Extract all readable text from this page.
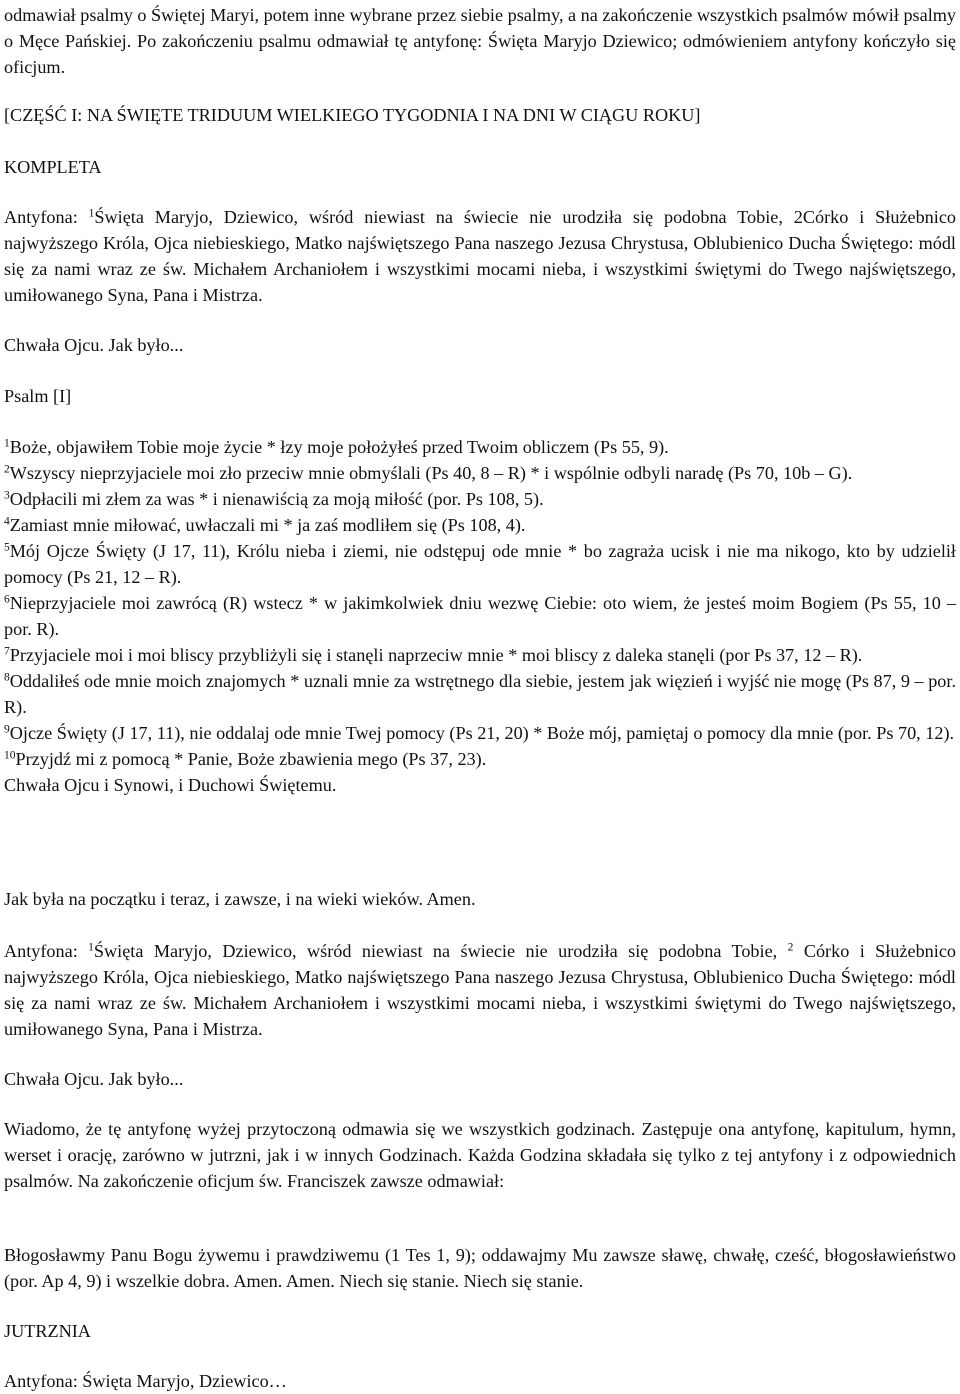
odmawiał psalmy o Świętej Maryi, potem inne wybrane przez siebie psalmy, a na zakończenie wszystkich psalmów mówił psalmy o Męce Pańskiej. Po zakończeniu psalmu odmawiał tę antyfonę: Święta Maryjo Dziewico; odmówieniem antyfony kończyło się oficjum.

[CZĘŚĆ I: NA ŚWIĘTE TRIDUUM WIELKIEGO TYGODNIA I NA DNI W CIĄGU ROKU]

KOMPLETA

Antyfona: $^1$Święta Maryjo, Dziewico, wśród niewiast na świecie nie urodziła się podobna Tobie, 2Córko i Służebnico najwyższego Króla, Ojca niebieskiego, Matko najświętszego Pana naszego Jezusa Chrystusa, Oblubienico Ducha Świętego: módl się za nami wraz ze św. Michałem Archaniołem i wszystkimi mocami nieba, i wszystkimi świętymi do Twego najświętszego, umiłowanego Syna, Pana i Mistrza.

Chwała Ojcu. Jak było...

Psalm [I]

$^1$Boże, objawiłem Tobie moje życie * łzy moje położyłeś przed Twoim obliczem (Ps 55, 9).
$^2$Wszyscy nieprzyjaciele moi zło przeciw mnie obmyślali (Ps 40, 8 – R) * i wspólnie odbyli naradę (Ps 70, 10b – G).
$^3$Odpłacili mi złem za was * i nienawiścią za moją miłość (por. Ps 108, 5).
$^4$Zamiast mnie miłować, uwłaczali mi * ja zaś modliłem się (Ps 108, 4).
$^5$Mój Ojcze Święty (J 17, 11), Królu nieba i ziemi, nie odstępuj ode mnie * bo zagraża ucisk i nie ma nikogo, kto by udzielił pomocy (Ps 21, 12 – R).
$^6$Nieprzyjaciele moi zawrócą (R) wstecz * w jakimkolwiek dniu wezwę Ciebie: oto wiem, że jesteś moim Bogiem (Ps 55, 10 – por. R).
$^7$Przyjaciele moi i moi bliscy przybliżyli się i stanęli naprzeciw mnie * moi bliscy z daleka stanęli (por Ps 37, 12 – R).
$^8$Oddaliłeś ode mnie moich znajomych * uznali mnie za wstrętnego dla siebie, jestem jak więzień i wyjść nie mogę (Ps 87, 9 – por. R).
$^9$Ojcze Święty (J 17, 11), nie oddalaj ode mnie Twej pomocy (Ps 21, 20) * Boże mój, pamiętaj o pomocy dla mnie (por. Ps 70, 12).
$^{10}$Przyjdź mi z pomocą * Panie, Boże zbawienia mego (Ps 37, 23).
Chwała Ojcu i Synowi, i Duchowi Świętemu.

Jak była na początku i teraz, i zawsze, i na wieki wieków. Amen.

Antyfona: $^1$Święta Maryjo, Dziewico, wśród niewiast na świecie nie urodziła się podobna Tobie, $^2$ Córko i Służebnico najwyższego Króla, Ojca niebieskiego, Matko najświętszego Pana naszego Jezusa Chrystusa, Oblubienico Ducha Świętego: módl się za nami wraz ze św. Michałem Archaniołem i wszystkimi mocami nieba, i wszystkimi świętymi do Twego najświętszego, umiłowanego Syna, Pana i Mistrza.

Chwała Ojcu. Jak było...

Wiadomo, że tę antyfonę wyżej przytoczoną odmawia się we wszystkich godzinach. Zastępuje ona antyfonę, kapitulum, hymn, werset i orację, zarówno w jutrzni, jak i w innych Godzinach. Każda Godzina składała się tylko z tej antyfony i z odpowiednich psalmów. Na zakończenie oficjum św. Franciszek zawsze odmawiał:

Błogosławmy Panu Bogu żywemu i prawdziwemu (1 Tes 1, 9); oddawajmy Mu zawsze sławę, chwałę, cześć, błogosławieństwo (por. Ap 4, 9) i wszelkie dobra. Amen. Amen. Niech się stanie. Niech się stanie.

JUTRZNIA

Antyfona: Święta Maryjo, Dziewico…
